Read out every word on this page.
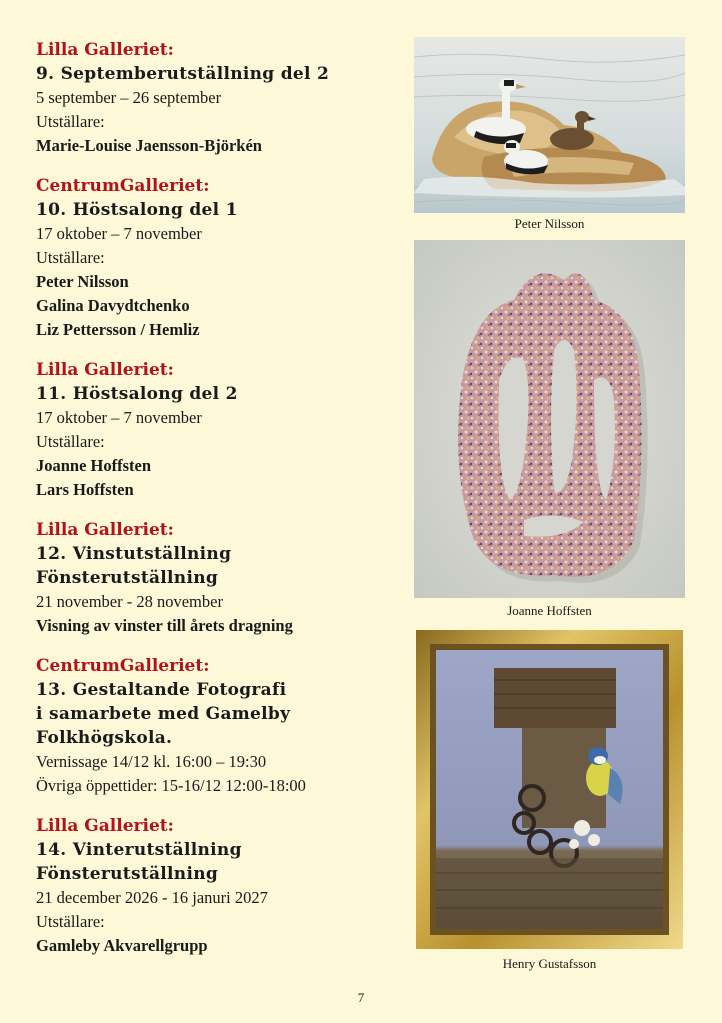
Lilla Galleriet:
9. Septemberutställning del 2
5 september – 26 september
Utställare:
Marie-Louise Jaensson-Björkén
CentrumGalleriet:
10. Höstsalong del 1
17 oktober – 7 november
Utställare:
Peter Nilsson
Galina Davydtchenko
Liz Pettersson / Hemliz
Lilla Galleriet:
11. Höstsalong del 2
17 oktober – 7 november
Utställare:
Joanne Hoffsten
Lars Hoffsten
Lilla Galleriet:
12. Vinstutställning
Fönsterutställning
21 november - 28 november
Visning av vinster till årets dragning
CentrumGalleriet:
13. Gestaltande Fotografi
i samarbete med Gamelby
Folkhögskola.
Vernissage 14/12 kl. 16:00 – 19:30
Övriga öppettider: 15-16/12 12:00-18:00
Lilla Galleriet:
14. Vinterutställning
Fönsterutställning
21 december 2026 - 16 januri 2027
Utställare:
Gamleby Akvarellgrupp
Peter Nilsson
Joanne Hoffsten
Henry Gustafsson
7
